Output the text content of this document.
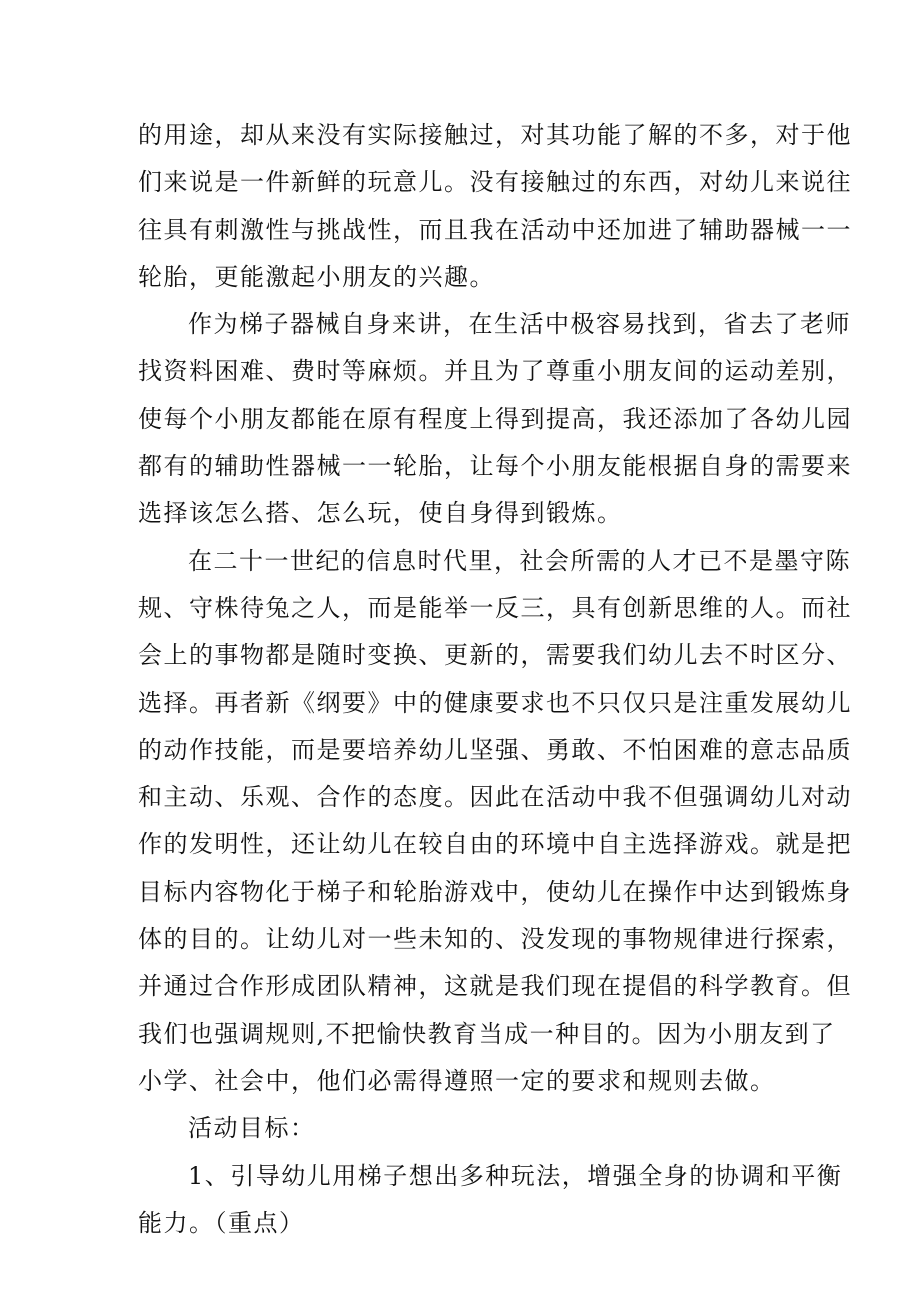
的用途，却从来没有实际接触过，对其功能了解的不多，对于他
们来说是一件新鲜的玩意儿。没有接触过的东西，对幼儿来说往
往具有刺激性与挑战性，而且我在活动中还加进了辅助器械一一
轮胎，更能激起小朋友的兴趣。
作为梯子器械自身来讲，在生活中极容易找到，省去了老师
找资料困难、费时等麻烦。并且为了尊重小朋友间的运动差别，
使每个小朋友都能在原有程度上得到提高，我还添加了各幼儿园
都有的辅助性器械一一轮胎，让每个小朋友能根据自身的需要来
选择该怎么搭、怎么玩，使自身得到锻炼。
在二十一世纪的信息时代里，社会所需的人才已不是墨守陈
规、守株待兔之人，而是能举一反三，具有创新思维的人。而社
会上的事物都是随时变换、更新的，需要我们幼儿去不时区分、
选择。再者新《纲要》中的健康要求也不只仅只是注重发展幼儿
的动作技能，而是要培养幼儿坚强、勇敢、不怕困难的意志品质
和主动、乐观、合作的态度。因此在活动中我不但强调幼儿对动
作的发明性，还让幼儿在较自由的环境中自主选择游戏。就是把
目标内容物化于梯子和轮胎游戏中，使幼儿在操作中达到锻炼身
体的目的。让幼儿对一些未知的、没发现的事物规律进行探索，
并通过合作形成团队精神，这就是我们现在提倡的科学教育。但
我们也强调规则,不把愉快教育当成一种目的。因为小朋友到了
小学、社会中，他们必需得遵照一定的要求和规则去做。
活动目标：
1、引导幼儿用梯子想出多种玩法，增强全身的协调和平衡
能力。（重点）
